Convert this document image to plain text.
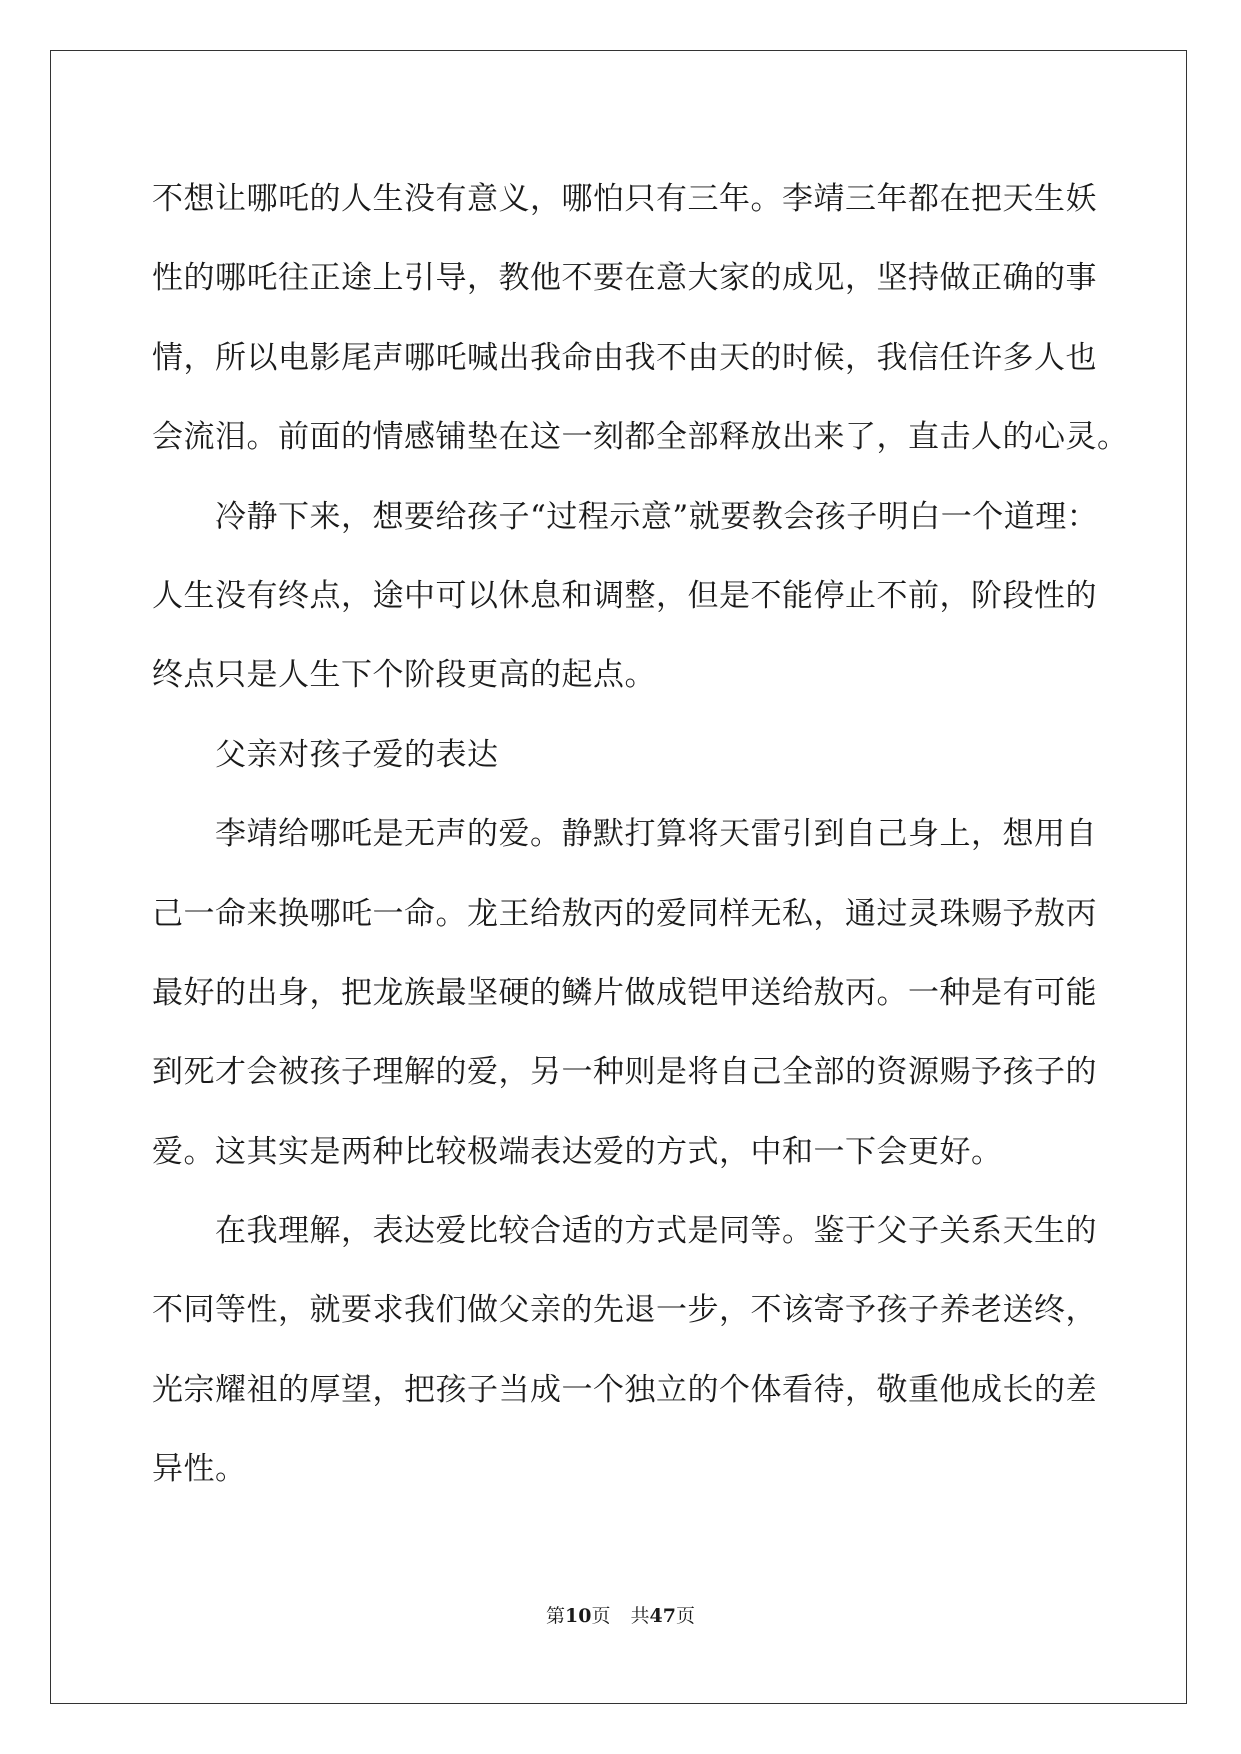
不想让哪吒的人生没有意义，哪怕只有三年。李靖三年都在把天生妖
性的哪吒往正途上引导，教他不要在意大家的成见，坚持做正确的事
情，所以电影尾声哪吒喊出我命由我不由天的时候，我信任许多人也
会流泪。前面的情感铺垫在这一刻都全部释放出来了，直击人的心灵。
冷静下来，想要给孩子“过程示意”就要教会孩子明白一个道理：
人生没有终点，途中可以休息和调整，但是不能停止不前，阶段性的
终点只是人生下个阶段更高的起点。
父亲对孩子爱的表达
李靖给哪吒是无声的爱。静默打算将天雷引到自己身上，想用自
己一命来换哪吒一命。龙王给敖丙的爱同样无私，通过灵珠赐予敖丙
最好的出身，把龙族最坚硬的鳞片做成铠甲送给敖丙。一种是有可能
到死才会被孩子理解的爱，另一种则是将自己全部的资源赐予孩子的
爱。这其实是两种比较极端表达爱的方式，中和一下会更好。
在我理解，表达爱比较合适的方式是同等。鉴于父子关系天生的
不同等性，就要求我们做父亲的先退一步，不该寄予孩子养老送终，
光宗耀祖的厚望，把孩子当成一个独立的个体看待，敬重他成长的差
异性。
第10页 共47页
